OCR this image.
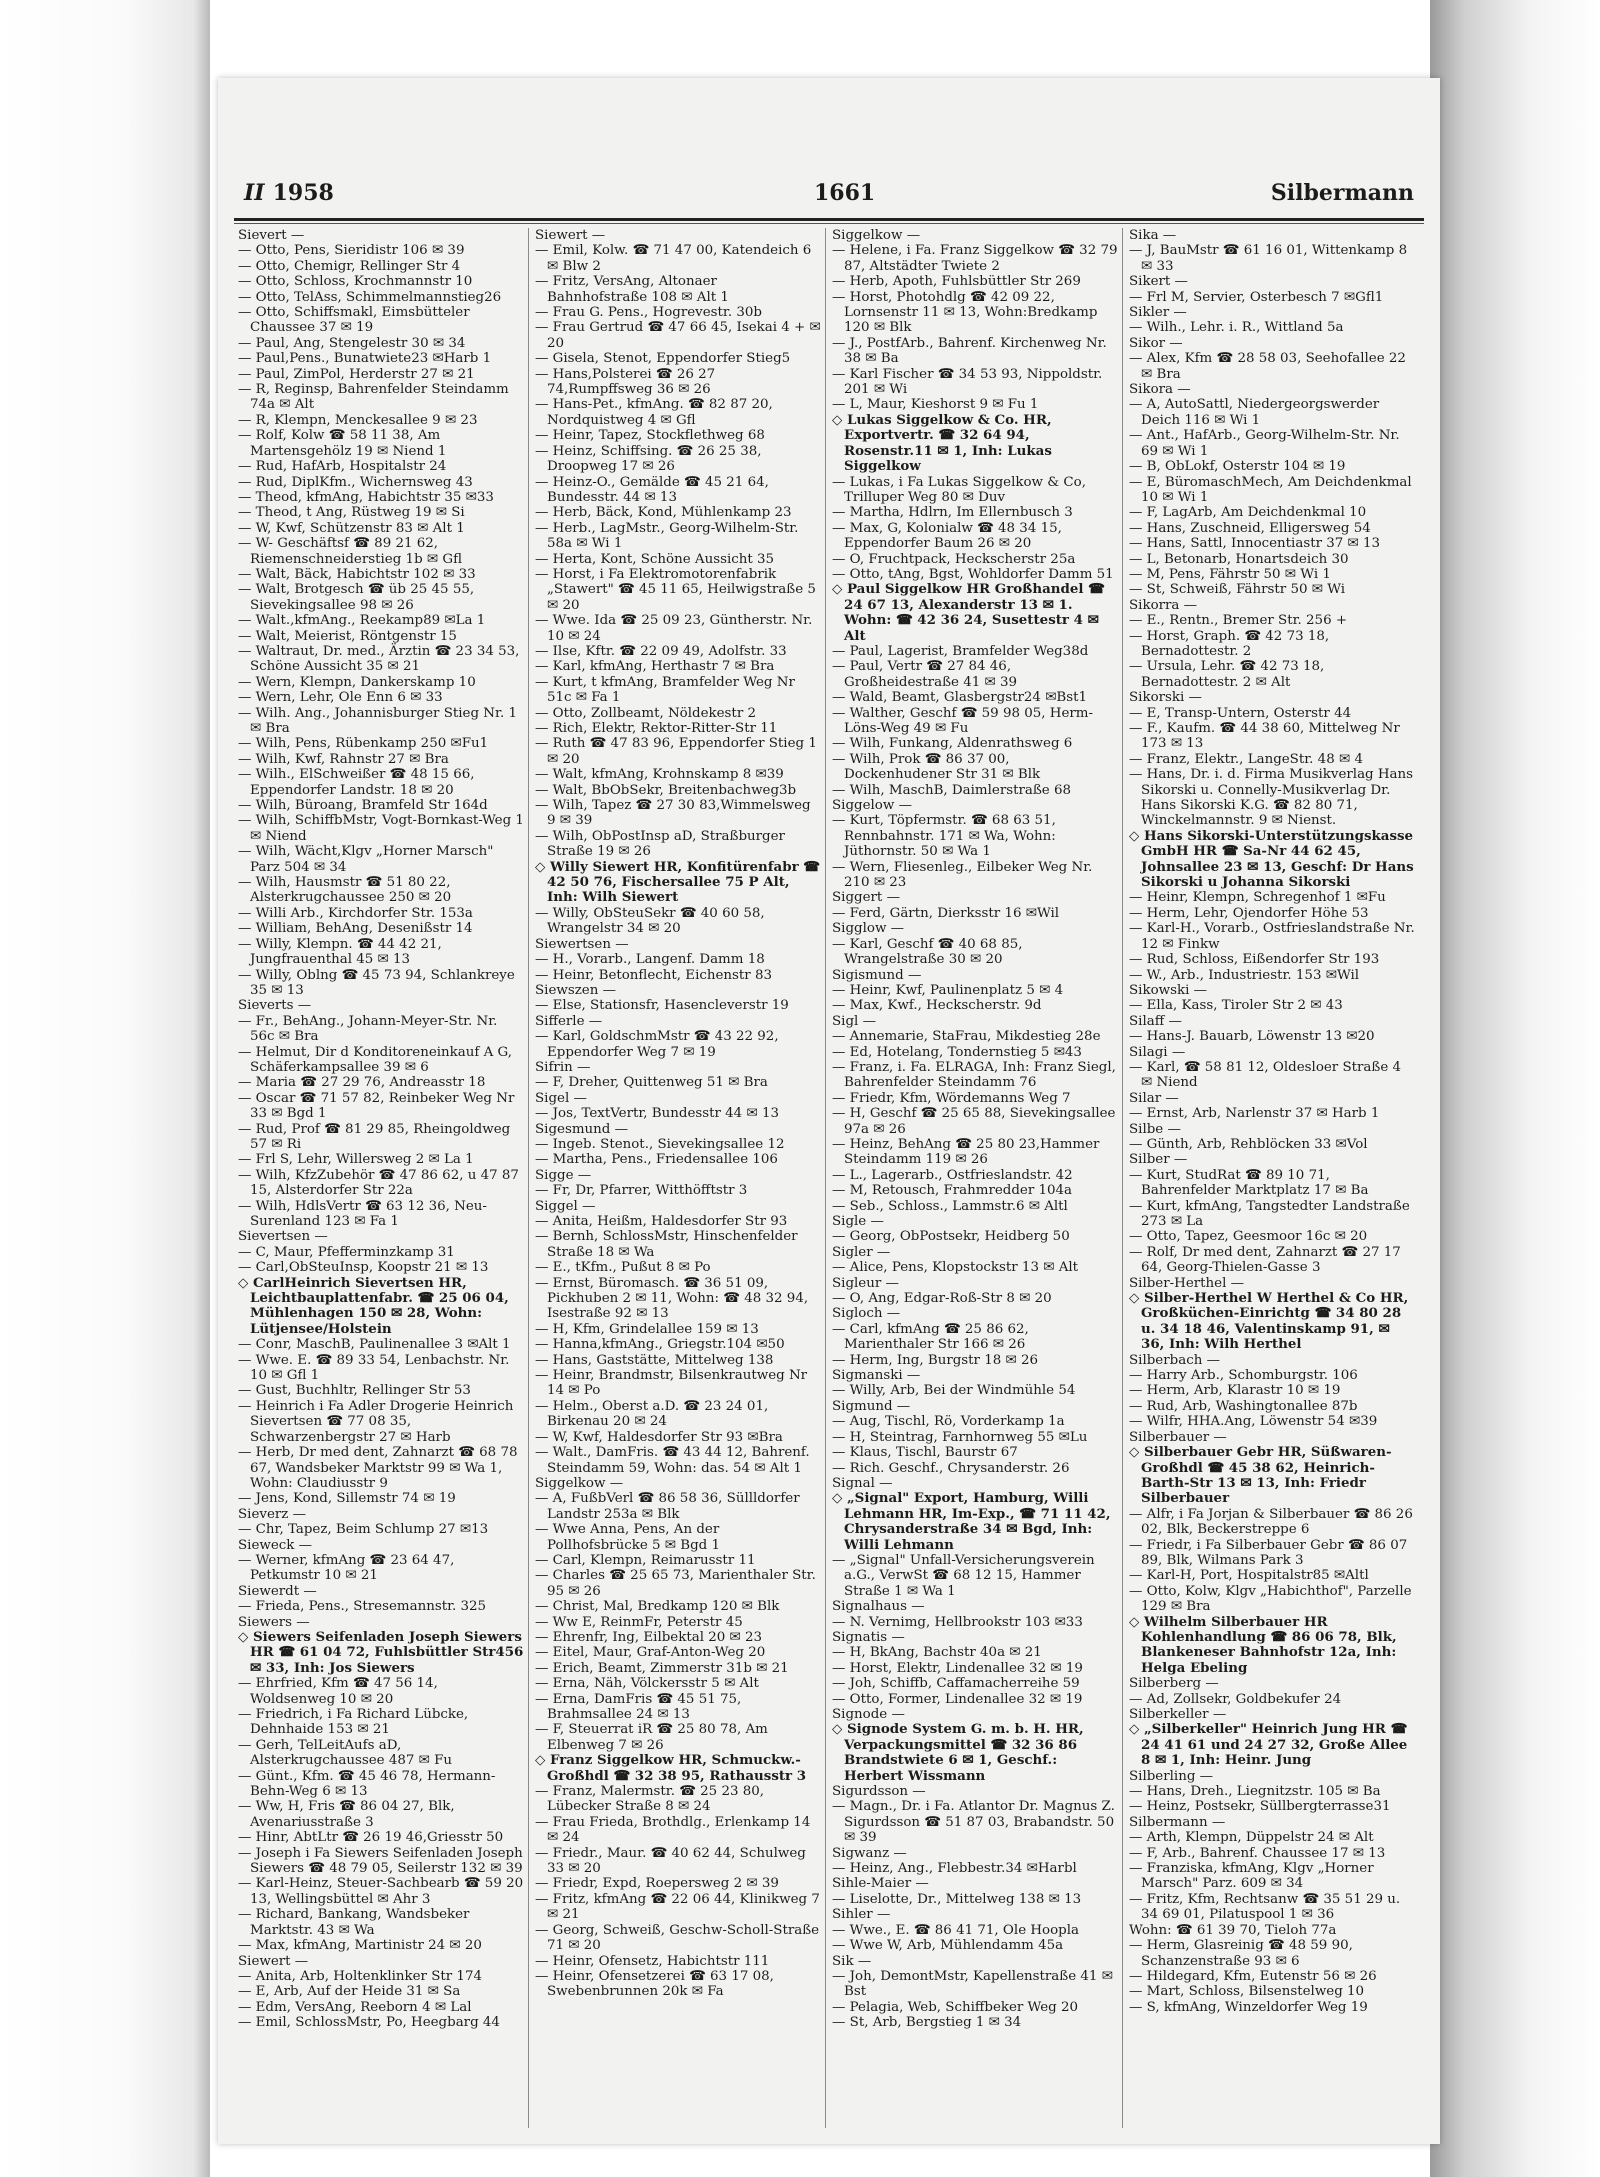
II 1958	1661	Silbermann
Sievert —
— Otto, Pens, Sieridistr 106 ✉ 39
— Otto, Chemigr, Rellinger Str 4
— Otto, Schloss, Krochmannstr 10
— Otto, TelAss, Schimmelmannstieg26
— Otto, Schiffsmakl, Eimsbütteler Chaussee 37 ✉ 19
— Paul, Ang, Stengelestr 30 ✉ 34
— Paul,Pens., Bunatwiete23 ✉Harb 1
— Paul, ZimPol, Herderstr 27 ✉ 21
— R, Reginsp, Bahrenfelder Steindamm 74a ✉ Alt
— R, Klempn, Menckesallee 9 ✉ 23
— Rolf, Kolw ☎ 58 11 38, Am Martensgehölz 19 ✉ Niend 1
— Rud, HafArb, Hospitalstr 24
— Rud, DiplKfm., Wichernsweg 43
— Theod, kfmAng, Habichtstr 35 ✉33
— Theod, t Ang, Rüstweg 19 ✉ Si
— W, Kwf, Schützenstr 83 ✉ Alt 1
— W- Geschäftsf ☎ 89 21 62, Riemenschneiderstieg 1b ✉ Gfl
— Walt, Bäck, Habichtstr 102 ✉ 33
— Walt, Brotgesch ☎ üb 25 45 55, Sievekingsallee 98 ✉ 26
— Walt.,kfmAng., Reekamp89 ✉La 1
— Walt, Meierist, Röntgenstr 15
— Waltraut, Dr. med., Ärztin ☎ 23 34 53, Schöne Aussicht 35 ✉ 21
— Wern, Klempn, Dankerskamp 10
— Wern, Lehr, Ole Enn 6 ✉ 33
— Wilh. Ang., Johannisburger Stieg Nr. 1 ✉ Bra
— Wilh, Pens, Rübenkamp 250 ✉Fu1
— Wilh, Kwf, Rahnstr 27 ✉ Bra
— Wilh., ElSchweißer ☎ 48 15 66, Eppendorfer Landstr. 18 ✉ 20
— Wilh, Büroang, Bramfeld Str 164d
— Wilh, SchiffbMstr, Vogt-Bornkast-Weg 1 ✉ Niend
— Wilh, Wächt,Klgv „Horner Marsch" Parz 504 ✉ 34
— Wilh, Hausmstr ☎ 51 80 22, Alsterkrugchaussee 250 ✉ 20
— Willi Arb., Kirchdorfer Str. 153a
— William, BehAng, Desenißstr 14
— Willy, Klempn. ☎ 44 42 21, Jungfrauenthal 45 ✉ 13
— Willy, Oblng ☎ 45 73 94, Schlankreye 35 ✉ 13
Sieverts —
— Fr., BehAng., Johann-Meyer-Str. Nr. 56c ✉ Bra
— Helmut, Dir d Konditoreneinkauf A G, Schäferkampsallee 39 ✉ 6
— Maria ☎ 27 29 76, Andreasstr 18
— Oscar ☎ 71 57 82, Reinbeker Weg Nr 33 ✉ Bgd 1
— Rud, Prof ☎ 81 29 85, Rheingoldweg 57 ✉ Ri
— Frl S, Lehr, Willersweg 2 ✉ La 1
— Wilh, KfzZubehör ☎ 47 86 62, u 47 87 15, Alsterdorfer Str 22a
— Wilh, HdlsVertr ☎ 63 12 36, Neu-Surenland 123 ✉ Fa 1
Sievertsen —
— C, Maur, Pfefferminzkamp 31
— Carl,ObSteuInsp, Koopstr 21 ✉ 13
◇ CarlHeinrich Sievertsen HR, Leichtbauplattenfabr. ☎ 25 06 04, Mühlenhagen 150 ✉ 28, Wohn: Lütjensee/Holstein
— Conr, MaschB, Paulinenallee 3 ✉Alt 1
— Wwe. E. ☎ 89 33 54, Lenbachstr. Nr. 10 ✉ Gfl 1
— Gust, Buchhltr, Rellinger Str 53
— Heinrich i Fa Adler Drogerie Heinrich Sievertsen ☎ 77 08 35, Schwarzenbergstr 27 ✉ Harb
— Herb, Dr med dent, Zahnarzt ☎ 68 78 67, Wandsbeker Marktstr 99 ✉ Wa 1, Wohn: Claudiusstr 9
— Jens, Kond, Sillemstr 74 ✉ 19
Sieverz —
— Chr, Tapez, Beim Schlump 27 ✉13
Sieweck —
— Werner, kfmAng ☎ 23 64 47, Petkumstr 10 ✉ 21
Siewerdt —
— Frieda, Pens., Stresemannstr. 325
Siewers —
◇ Siewers Seifenladen Joseph Siewers HR ☎ 61 04 72, Fuhlsbüttler Str456 ✉ 33, Inh: Jos Siewers
— Ehrfried, Kfm ☎ 47 56 14, Woldsenweg 10 ✉ 20
— Friedrich, i Fa Richard Lübcke, Dehnhaide 153 ✉ 21
— Gerh, TelLeitAufs aD, Alsterkrugchaussee 487 ✉ Fu
— Günt., Kfm. ☎ 45 46 78, Hermann-Behn-Weg 6 ✉ 13
— Ww, H, Fris ☎ 86 04 27, Blk, Avenariusstraße 3
— Hinr, AbtLtr ☎ 26 19 46,Griesstr 50
— Joseph i Fa Siewers Seifenladen Joseph Siewers ☎ 48 79 05, Seilerstr 132 ✉ 39
— Karl-Heinz, Steuer-Sachbearb ☎ 59 20 13, Wellingsbüttel ✉ Ahr 3
— Richard, Bankang, Wandsbeker Marktstr. 43 ✉ Wa
— Max, kfmAng, Martinistr 24 ✉ 20
Siewert —
— Anita, Arb, Holtenklinker Str 174
— E, Arb, Auf der Heide 31 ✉ Sa
— Edm, VersAng, Reeborn 4 ✉ Lal
— Emil, SchlossMstr, Po, Heegbarg 44
Siewert —
— Emil, Kolw. ☎ 71 47 00, Katendeich 6 ✉ Blw 2
— Fritz, VersAng, Altonaer Bahnhofstraße 108 ✉ Alt 1
— Frau G. Pens., Hogrevestr. 30b
— Frau Gertrud ☎ 47 66 45, Isekai 4 + ✉ 20
— Gisela, Stenot, Eppendorfer Stieg5
— Hans,Polsterei ☎ 26 27 74,Rumpffsweg 36 ✉ 26
— Hans-Pet., kfmAng. ☎ 82 87 20, Nordquistweg 4 ✉ Gfl
— Heinr, Tapez, Stockflethweg 68
— Heinz, Schiffsing. ☎ 26 25 38, Droopweg 17 ✉ 26
— Heinz-O., Gemälde ☎ 45 21 64, Bundesstr. 44 ✉ 13
— Herb, Bäck, Kond, Mühlenkamp 23
— Herb., LagMstr., Georg-Wilhelm-Str. 58a ✉ Wi 1
— Herta, Kont, Schöne Aussicht 35
— Horst, i Fa Elektromotorenfabrik „Stawert" ☎ 45 11 65, Heilwigstraße 5 ✉ 20
— Wwe. Ida ☎ 25 09 23, Güntherstr. Nr. 10 ✉ 24
— Ilse, Kftr. ☎ 22 09 49, Adolfstr. 33
— Karl, kfmAng, Herthastr 7 ✉ Bra
— Kurt, t kfmAng, Bramfelder Weg Nr 51c ✉ Fa 1
— Otto, Zollbeamt, Nöldekestr 2
— Rich, Elektr, Rektor-Ritter-Str 11
— Ruth ☎ 47 83 96, Eppendorfer Stieg 1 ✉ 20
— Walt, kfmAng, Krohnskamp 8 ✉39
— Walt, BbObSekr, Breitenbachweg3b
— Wilh, Tapez ☎ 27 30 83,Wimmelsweg 9 ✉ 39
— Wilh, ObPostInsp aD, Straßburger Straße 19 ✉ 26
◇ Willy Siewert HR, Konfitürenfabr ☎ 42 50 76, Fischersallee 75 P Alt, Inh: Wilh Siewert
— Willy, ObSteuSekr ☎ 40 60 58, Wrangelstr 34 ✉ 20
Siewertsen —
— H., Vorarb., Langenf. Damm 18
— Heinr, Betonflecht, Eichenstr 83
Siewszen —
— Else, Stationsfr, Hasencleverstr 19
Sifferle —
— Karl, GoldschmMstr ☎ 43 22 92, Eppendorfer Weg 7 ✉ 19
Sifrin —
— F, Dreher, Quittenweg 51 ✉ Bra
Sigel —
— Jos, TextVertr, Bundesstr 44 ✉ 13
Sigesmund —
— Ingeb. Stenot., Sievekingsallee 12
— Martha, Pens., Friedensallee 106
Sigge —
— Fr, Dr, Pfarrer, Witthöfftstr 3
Siggel —
— Anita, Heißm, Haldesdorfer Str 93
— Bernh, SchlossMstr, Hinschenfelder Straße 18 ✉ Wa
— E., tKfm., Pußut 8 ✉ Po
— Ernst, Büromasch. ☎ 36 51 09, Pickhuben 2 ✉ 11, Wohn: ☎ 48 32 94, Isestraße 92 ✉ 13
— H, Kfm, Grindelallee 159 ✉ 13
— Hanna,kfmAng., Griegstr.104 ✉50
— Hans, Gaststätte, Mittelweg 138
— Heinr, Brandmstr, Bilsenkrautweg Nr 14 ✉ Po
— Helm., Oberst a.D. ☎ 23 24 01, Birkenau 20 ✉ 24
— W, Kwf, Haldesdorfer Str 93 ✉Bra
— Walt., DamFris. ☎ 43 44 12, Bahrenf. Steindamm 59, Wohn: das. 54 ✉ Alt 1
Siggelkow —
— A, FußbVerl ☎ 86 58 36, Süllldorfer Landstr 253a ✉ Blk
— Wwe Anna, Pens, An der Pollhofsbrücke 5 ✉ Bgd 1
— Carl, Klempn, Reimarusstr 11
— Charles ☎ 25 65 73, Marienthaler Str. 95 ✉ 26
— Christ, Mal, Bredkamp 120 ✉ Blk
— Ww E, ReinmFr, Peterstr 45
— Ehrenfr, Ing, Eilbektal 20 ✉ 23
— Eitel, Maur, Graf-Anton-Weg 20
— Erich, Beamt, Zimmerstr 31b ✉ 21
— Erna, Näh, Völckersstr 5 ✉ Alt
— Erna, DamFris ☎ 45 51 75, Brahmsallee 24 ✉ 13
— F, Steuerrat iR ☎ 25 80 78, Am Elbenweg 7 ✉ 26
◇ Franz Siggelkow HR, Schmuckw.-Großhdl ☎ 32 38 95, Rathausstr 3
— Franz, Malermstr. ☎ 25 23 80, Lübecker Straße 8 ✉ 24
— Frau Frieda, Brothdlg., Erlenkamp 14 ✉ 24
— Friedr., Maur. ☎ 40 62 44, Schulweg 33 ✉ 20
— Friedr, Expd, Roepersweg 2 ✉ 39
— Fritz, kfmAng ☎ 22 06 44, Klinikweg 7 ✉ 21
— Georg, Schweiß, Geschw-Scholl-Straße 71 ✉ 20
— Heinr, Ofensetz, Habichtstr 111
— Heinr, Ofensetzerei ☎ 63 17 08, Swebenbrunnen 20k ✉ Fa
Siggelkow —
— Helene, i Fa. Franz Siggelkow ☎ 32 79 87, Altstädter Twiete 2
— Herb, Apoth, Fuhlsbüttler Str 269
— Horst, Photohdlg ☎ 42 09 22, Lornsenstr 11 ✉ 13, Wohn:Bredkamp 120 ✉ Blk
— J., PostfArb., Bahrenf. Kirchenweg Nr. 38 ✉ Ba
— Karl Fischer ☎ 34 53 93, Nippoldstr. 201 ✉ Wi
— L, Maur, Kieshorst 9 ✉ Fu 1
◇ Lukas Siggelkow & Co. HR, Exportvertr. ☎ 32 64 94, Rosenstr.11 ✉ 1, Inh: Lukas Siggelkow
— Lukas, i Fa Lukas Siggelkow & Co, Trilluper Weg 80 ✉ Duv
— Martha, Hdlrn, Im Ellernbusch 3
— Max, G, Kolonialw ☎ 48 34 15, Eppendorfer Baum 26 ✉ 20
— O, Fruchtpack, Heckscherstr 25a
— Otto, tAng, Bgst, Wohldorfer Damm 51
◇ Paul Siggelkow HR Großhandel ☎ 24 67 13, Alexanderstr 13 ✉ 1. Wohn: ☎ 42 36 24, Susettestr 4 ✉ Alt
— Paul, Lagerist, Bramfelder Weg38d
— Paul, Vertr ☎ 27 84 46, Großheidestraße 41 ✉ 39
— Wald, Beamt, Glasbergstr24 ✉Bst1
— Walther, Geschf ☎ 59 98 05, Herm-Löns-Weg 49 ✉ Fu
— Wilh, Funkang, Aldenrathsweg 6
— Wilh, Prok ☎ 86 37 00, Dockenhudener Str 31 ✉ Blk
— Wilh, MaschB, Daimlerstraße 68
Siggelow —
— Kurt, Töpfermstr. ☎ 68 63 51, Rennbahnstr. 171 ✉ Wa, Wohn: Jüthornstr. 50 ✉ Wa 1
— Wern, Fliesenleg., Eilbeker Weg Nr. 210 ✉ 23
Siggert —
— Ferd, Gärtn, Dierksstr 16 ✉Wil
Sigglow —
— Karl, Geschf ☎ 40 68 85, Wrangelstraße 30 ✉ 20
Sigismund —
— Heinr, Kwf, Paulinenplatz 5 ✉ 4
— Max, Kwf., Heckscherstr. 9d
Sigl —
— Annemarie, StaFrau, Mikdestieg 28e
— Ed, Hotelang, Tondernstieg 5 ✉43
— Franz, i. Fa. ELRAGA, Inh: Franz Siegl, Bahrenfelder Steindamm 76
— Friedr, Kfm, Wördemanns Weg 7
— H, Geschf ☎ 25 65 88, Sievekingsallee 97a ✉ 26
— Heinz, BehAng ☎ 25 80 23,Hammer Steindamm 119 ✉ 26
— L., Lagerarb., Ostfrieslandstr. 42
— M, Retousch, Frahmredder 104a
— Seb., Schloss., Lammstr.6 ✉ Altl
Sigle —
— Georg, ObPostsekr, Heidberg 50
Sigler —
— Alice, Pens, Klopstockstr 13 ✉ Alt
Sigleur —
— O, Ang, Edgar-Roß-Str 8 ✉ 20
Sigloch —
— Carl, kfmAng ☎ 25 86 62, Marienthaler Str 166 ✉ 26
— Herm, Ing, Burgstr 18 ✉ 26
Sigmanski —
— Willy, Arb, Bei der Windmühle 54
Sigmund —
— Aug, Tischl, Rö, Vorderkamp 1a
— H, Steintrag, Farnhornweg 55 ✉Lu
— Klaus, Tischl, Baurstr 67
— Rich. Geschf., Chrysanderstr. 26
Signal —
◇ „Signal" Export, Hamburg, Willi Lehmann HR, Im-Exp., ☎ 71 11 42, Chrysanderstraße 34 ✉ Bgd, Inh: Willi Lehmann
— „Signal" Unfall-Versicherungsverein a.G., VerwSt ☎ 68 12 15, Hammer Straße 1 ✉ Wa 1
Signalhaus —
— N. Vernimg, Hellbrookstr 103 ✉33
Signatis —
— H, BkAng, Bachstr 40a ✉ 21
— Horst, Elektr, Lindenallee 32 ✉ 19
— Joh, Schiffb, Caffamacherreihe 59
— Otto, Former, Lindenallee 32 ✉ 19
Signode —
◇ Signode System G. m. b. H. HR, Verpackungsmittel ☎ 32 36 86 Brandstwiete 6 ✉ 1, Geschf.: Herbert Wissmann
Sigurdsson —
— Magn., Dr. i Fa. Atlantor Dr. Magnus Z. Sigurdsson ☎ 51 87 03, Brabandstr. 50 ✉ 39
Sigwanz —
— Heinz, Ang., Flebbestr.34 ✉Harbl
Sihle-Maier —
— Liselotte, Dr., Mittelweg 138 ✉ 13
Sihler —
— Wwe., E. ☎ 86 41 71, Ole Hoopla
— Wwe W, Arb, Mühlendamm 45a
Sik —
— Joh, DemontMstr, Kapellenstraße 41 ✉ Bst
— Pelagia, Web, Schiffbeker Weg 20
— St, Arb, Bergstieg 1 ✉ 34
Sika —
— J, BauMstr ☎ 61 16 01, Wittenkamp 8 ✉ 33
Sikert —
— Frl M, Servier, Osterbesch 7 ✉Gfl1
Sikler —
— Wilh., Lehr. i. R., Wittland 5a
Sikor —
— Alex, Kfm ☎ 28 58 03, Seehofallee 22 ✉ Bra
Sikora —
— A, AutoSattl, Niedergeorgswerder Deich 116 ✉ Wi 1
— Ant., HafArb., Georg-Wilhelm-Str. Nr. 69 ✉ Wi 1
— B, ObLokf, Osterstr 104 ✉ 19
— E, BüromaschMech, Am Deichdenkmal 10 ✉ Wi 1
— F, LagArb, Am Deichdenkmal 10
— Hans, Zuschneid, Elligersweg 54
— Hans, Sattl, Innocentiastr 37 ✉ 13
— L, Betonarb, Honartsdeich 30
— M, Pens, Fährstr 50 ✉ Wi 1
— St, Schweiß, Fährstr 50 ✉ Wi
Sikorra —
— E., Rentn., Bremer Str. 256 +
— Horst, Graph. ☎ 42 73 18, Bernadottestr. 2
— Ursula, Lehr. ☎ 42 73 18, Bernadottestr. 2 ✉ Alt
Sikorski —
— E, Transp-Untern, Osterstr 44
— F., Kaufm. ☎ 44 38 60, Mittelweg Nr 173 ✉ 13
— Franz, Elektr., LangeStr. 48 ✉ 4
— Hans, Dr. i. d. Firma Musikverlag Hans Sikorski u. Connelly-Musikverlag Dr. Hans Sikorski K.G. ☎ 82 80 71, Winckelmannstr. 9 ✉ Nienst.
◇ Hans Sikorski-Unterstützungskasse GmbH HR ☎ Sa-Nr 44 62 45, Johnsallee 23 ✉ 13, Geschf: Dr Hans Sikorski u Johanna Sikorski
— Heinr, Klempn, Schregenhof 1 ✉Fu
— Herm, Lehr, Ojendorfer Höhe 53
— Karl-H., Vorarb., Ostfrieslandstraße Nr. 12 ✉ Finkw
— Rud, Schloss, Eißendorfer Str 193
— W., Arb., Industriestr. 153 ✉Wil
Sikowski —
— Ella, Kass, Tiroler Str 2 ✉ 43
Silaff —
— Hans-J. Bauarb, Löwenstr 13 ✉20
Silagi —
— Karl, ☎ 58 81 12, Oldesloer Straße 4 ✉ Niend
Silar —
— Ernst, Arb, Narlenstr 37 ✉ Harb 1
Silbe —
— Günth, Arb, Rehblöcken 33 ✉Vol
Silber —
— Kurt, StudRat ☎ 89 10 71, Bahrenfelder Marktplatz 17 ✉ Ba
— Kurt, kfmAng, Tangstedter Landstraße 273 ✉ La
— Otto, Tapez, Geesmoor 16c ✉ 20
— Rolf, Dr med dent, Zahnarzt ☎ 27 17 64, Georg-Thielen-Gasse 3
Silber-Herthel —
◇ Silber-Herthel W Herthel & Co HR, Großküchen-Einrichtg ☎ 34 80 28 u. 34 18 46, Valentinskamp 91, ✉ 36, Inh: Wilh Herthel
Silberbach —
— Harry Arb., Schomburgstr. 106
— Herm, Arb, Klarastr 10 ✉ 19
— Rud, Arb, Washingtonallee 87b
— Wilfr, HHA.Ang, Löwenstr 54 ✉39
Silberbauer —
◇ Silberbauer Gebr HR, Süßwaren-Großhdl ☎ 45 38 62, Heinrich-Barth-Str 13 ✉ 13, Inh: Friedr Silberbauer
— Alfr, i Fa Jorjan & Silberbauer ☎ 86 26 02, Blk, Beckerstreppe 6
— Friedr, i Fa Silberbauer Gebr ☎ 86 07 89, Blk, Wilmans Park 3
— Karl-H, Port, Hospitalstr85 ✉Altl
— Otto, Kolw, Klgv „Habichthof", Parzelle 129 ✉ Bra
◇ Wilhelm Silberbauer HR Kohlenhandlung ☎ 86 06 78, Blk, Blankeneser Bahnhofstr 12a, Inh: Helga Ebeling
Silberberg —
— Ad, Zollsekr, Goldbekufer 24
Silberkeller —
◇ „Silberkeller" Heinrich Jung HR ☎ 24 41 61 und 24 27 32, Große Allee 8 ✉ 1, Inh: Heinr. Jung
Silberling —
— Hans, Dreh., Liegnitzstr. 105 ✉ Ba
— Heinz, Postsekr, Süllbergterrasse31
Silbermann —
— Arth, Klempn, Düppelstr 24 ✉ Alt
— F, Arb., Bahrenf. Chaussee 17 ✉ 13
— Franziska, kfmAng, Klgv „Horner Marsch" Parz. 609 ✉ 34
— Fritz, Kfm, Rechtsanw ☎ 35 51 29 u. 34 69 01, Pilatuspool 1 ✉ 36
Wohn: ☎ 61 39 70, Tieloh 77a
— Herm, Glasreinig ☎ 48 59 90, Schanzenstraße 93 ✉ 6
— Hildegard, Kfm, Eutenstr 56 ✉ 26
— Mart, Schloss, Bilsenstelweg 10
— S, kfmAng, Winzeldorfer Weg 19
